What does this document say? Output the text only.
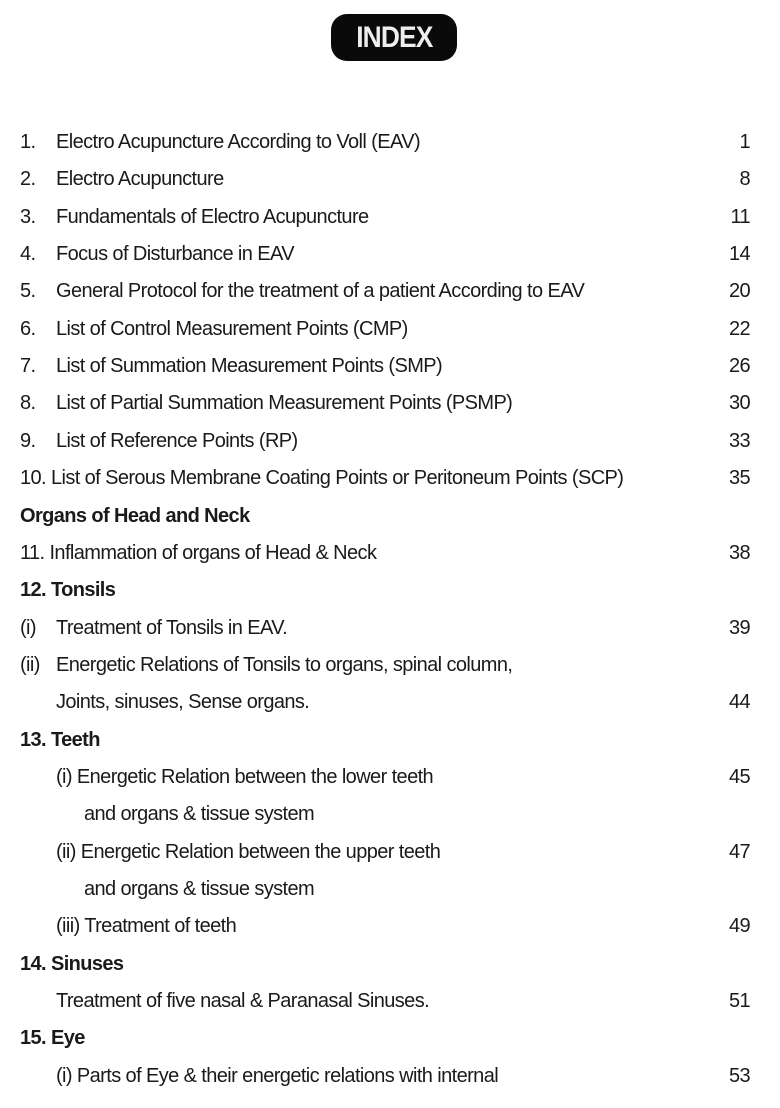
INDEX
1. Electro Acupuncture According to Voll (EAV)	1
2. Electro Acupuncture	8
3. Fundamentals of Electro Acupuncture	11
4. Focus of Disturbance in EAV	14
5. General Protocol for the treatment of a patient According to EAV	20
6. List of Control Measurement Points (CMP)	22
7. List of Summation Measurement Points (SMP)	26
8. List of Partial Summation Measurement Points (PSMP)	30
9. List of Reference Points (RP)	33
10. List of Serous Membrane Coating Points or Peritoneum Points (SCP)	35
Organs of Head and Neck
11. Inflammation of organs of Head & Neck	38
12. Tonsils
(i) Treatment of Tonsils in EAV.	39
(ii) Energetic Relations of Tonsils to organs, spinal column,
Joints, sinuses, Sense organs.	44
13. Teeth
(i) Energetic Relation between the lower teeth	45
and organs & tissue system
(ii) Energetic Relation between the upper teeth	47
and organs & tissue system
(iii) Treatment of teeth	49
14. Sinuses
Treatment of five nasal & Paranasal Sinuses.	51
15. Eye
(i) Parts of Eye & their energetic relations with internal	53
